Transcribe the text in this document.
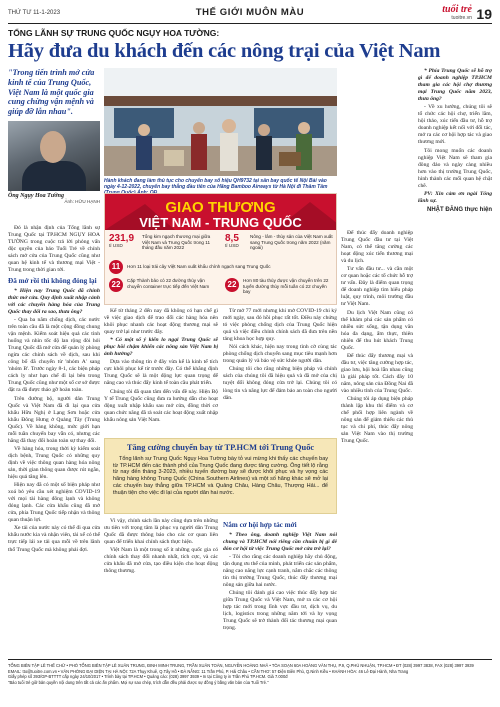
THỨ TƯ 11-1-2023	THẾ GIỚI MUÔN MÀU	tuổi trẻ
tuoitre.vn 19
TỔNG LÃNH SỰ TRUNG QUỐC NGỤY HOA TƯỜNG:
Hãy đưa du khách đến các nông trại của Việt Nam
"Trong tiến trình mở cửa kinh tế của Trung Quốc, Việt Nam là một quốc gia cung chừng vận mệnh và giúp đỡ lẫn nhau".
Ông Ngụy Hoa Tường
Ảnh: HỮU HẠNH

Đó là nhận định của Tổng lãnh sự Trung Quốc tại TP.HCM NGỤY HOA TƯỜNG trong cuộc trả lời phỏng vấn độc quyền của báo Tuổi Trẻ về chính sách mở cửa của Trung Quốc cũng như quan hệ kinh tế và thương mại Việt - Trung trong thời gian tới.

Đã mở rồi thì không đóng lại

* Hiện nay Trung Quốc đã chính thức mở cửa. Quy định xuất nhập cảnh với các chuyến hàng hóa của Trung Quốc thay đổi ra sao, thưa ông?

- Qua ba năm chống dịch, các nước trên toàn cầu đã là một cộng đồng chung vận mệnh. Kiểm soát hiệu quả các tình huống và nhìn tốc độ lan rộng đòi hỏi Trung Quốc đã mở cửa để quản lý phòng ngừa các chính sách về dịch, sau khi công bố đã chuyển từ 'nhóm A' sang 'nhóm B'. Trước ngày 8-1, các biện pháp cách ly như hạn chế đi lại bên trong Trung Quốc cũng như một số cơ sở được đặt ra đã được tháo gỡ hoàn toàn.

Trên đường bộ, người dân Trung Quốc và Việt Nam đã đi lại qua cửa khẩu Hữu Nghị ở Lạng Sơn hoặc cửa khẩu Đông Hưng ở Quảng Tây (Trung Quốc). Về hàng không, mức giới hạn mỗi tuần chuyến bay vẫn có, nhưng các hãng đã thay đổi hoàn toàn sự thay đổi.

Về hàng hóa, trong thời kỳ kiểm soát dịch bệnh, Trung Quốc có những quy định về việc thông quan hàng hóa nông sản, thời gian thông quan được rút ngắn, hiệu quả tăng lên.

Hiện nay đã có một số biện pháp như xoá bỏ yêu cầu xét nghiệm COVID-19 với mọi tài hàng đông lạnh và không đóng lạnh. Các cửa khẩu cũng đã mở cửa, phía Trung Quốc tiếp nhận và thông quan thuận lợi.

Xe tải của nước này có thể đi qua cửa khẩu nước kia và nhận viên, tài xế có thể trực tiếp lái xe tải qua mỗi về trên lãnh thổ Trung Quốc mà không phải đợi.

Hành khách đang làm thủ tục cho chuyến bay số hiệu QH9732 tại sân bay quốc tế Nội Bài vào ngày 4-12-2022, chuyến bay thẳng đầu tiên của Hãng Bamboo Airways từ Hà Nội đi Thâm Tâm
GIAO THƯƠNG
VIỆT NAM - TRUNG QUỐC
231,9
tỉ USD
Tổng kim ngạch thương mại giữa Việt Nam và Trung Quốc trong 11 tháng đầu năm 2022
8,5
tỉ USD
Nông - lâm - thủy sản của Việt Nam xuất sang Trung Quốc trong năm 2022 (năm ngoái)
11	Hơn 11 loại trái cây Việt Nam xuất khẩu chính ngạch sang Trung Quốc
22	Cặp Thành bảo có 22 đường thủy vận chuyển container trực tiếp đến Việt Nam	22	Hơn 80 tàu thủy được vận chuyển trên 22 tuyến đường thủy mỗi tuần có 22 chuyến bay

Kể từ tháng 2 đến nay đã không có hạn chế gì về việc giao dịch để trao đổi các hàng hóa nên khôi phục nhanh các hoạt động thương mại sẽ quay trở lại như trước đây.

* Có một số ý kiến lo ngại Trung Quốc sẽ phục hồi chậm khiến các nông sản Việt Nam bị ảnh hưởng?

Dựa vào thông tin ở đây vừa kể là kinh tế tích cực khôi phục kể từ trước đây. Có thể khẳng định Trung Quốc sẽ là một động lực quan trọng để nâng cao và thúc đẩy kinh tế toàn cầu phát triển.

Chúng tôi đã quan tâm đến vấn đề này. Hiện Bộ Y tế Trung Quốc cũng đưa ra hướng dẫn cho hoạt động xuất nhập khẩu sau mở cửa, đồng thời cơ quan chức năng đã rà soát các hoạt động xuất nhập khẩu nông sản Việt Nam.

Từ mở 77 mới nhưng khi mở COVID-19 chi ký mới ngày, sau đó hồi phục rất tốt. Điều này chứng tỏ việc phòng chống dịch của Trung Quốc hiện quả và việc điều chỉnh chính sách đã đưa trên nền tảng khoa học hợp quy.

Nói cách khác, hiện nay trong tình cờ cùng tác phòng chống dịch chuyển sang mục tiêu mạnh hơn trong quản lý và bảo vệ sức khỏe người dân.

Chúng tôi cho rằng những biện pháp và chính sách của chúng tôi đã hiệu quả và đã mở của chị tuyệt đối không đóng cửa trở lại. Chúng tôi có lòng tin và năng lực để đảm bảo an toàn cho người dân.

Tăng cường chuyến bay từ TP.HCM tới Trung Quốc
Tổng lãnh sự Trung Quốc Ngụy Hoa Tường bày tỏ vui mừng khi thấy các chuyến bay từ TP.HCM đến các thành phố của Trung Quốc đang được tăng cường. Ông tiết lộ rằng từ nay đến tháng 3-2023, nhiều tuyến đường bay sẽ được khôi phục và hy vọng các hãng hàng không Trung Quốc (China Southern Airlines) và một số hãng khác sẽ mở lại các chuyến bay thẳng giữa TP.HCM và Quảng Châu, Hàng Châu, Thượng Hải... để thuận tiện cho việc đi lại của người dân hai nước.

Vì vậy, chính sách lần này cũng dựa trên những ưu tiên với trọng tâm là phục vụ người dân Trung Quốc đã được thông báo cho các cơ quan liên quan để triển khai chính sách thực hiện.

Việt Nam là một trong số ít những quốc gia có chính sách thay đổi nhanh nhất, tích cực, và các cửa khẩu đã mở cửa, tạo điều kiện cho hoạt động thông thương.

Nắm cơ hội hợp tác mới

* Theo ông, doanh nghiệp Việt Nam nói chung và TP.HCM nói riêng cần chuẩn bị gì để đón cơ hội từ việc Trung Quốc mở cửa trở lại?

- Tôi cho rằng các doanh nghiệp hãy chủ động, tận dụng ưu thế của mình, phát triển các sản phẩm, nâng cao năng lực cạnh tranh, nắm chắc các thông tin thị trường Trung Quốc, thúc đẩy thương mại nông sản giữa hai nước.

Chúng tôi đánh giá cao việc thúc đẩy hợp tác giữa Trung Quốc và Việt Nam, mở ra các cơ hội hợp tác mới trong lĩnh vực đầu tư, dịch vụ, du lịch, logistics trong những năm tới và hy vọng Trung Quốc sẽ trở thành đối tác thương mại quan trọng.

Để thúc đẩy doanh nghiệp Trung Quốc đầu tư tại Việt Nam, có thể tăng cường các hoạt động xúc tiến thương mại và du lịch.

Tư vấn đầu tư... và cần một cơ quan hoặc các tổ chức hỗ trợ tư vấn. Đây là điểm quan trọng để doanh nghiệp tìm hiểu pháp luật, quy trình, môi trường đầu tư Việt Nam.

Du lịch Việt Nam cũng có thể khám phá các sản phẩm có nhiều sức sống, tận dụng văn hóa đa dạng, ẩm thực, thiên nhiên để thu hút khách Trung Quốc.

Để thúc đẩy thương mại và đầu tư, việc tăng cường hợp tác, giao lưu, hội hoà lẫn nhau cũng là giải pháp tốt. Cách đây 10 năm, nông sản của Đồng Nai đã vào nhiều tỉnh của Trung Quốc.

Chúng tôi áp dụng biện pháp thành lập khu thí điểm và cơ chế phối hợp liên ngành về nông sản để giảm thiểu các thủ tục và chi phí, thúc đẩy nông sản Việt Nam vào thị trường Trung Quốc.

* Phía Trung Quốc sẽ hỗ trợ gì để doanh nghiệp TP.HCM tham gia các hội chợ thương mại Trung Quốc năm 2023, thưa ông?

- Về xu hướng, chúng tôi sẽ tổ chức các hội chợ, triển lãm, hội thảo, xúc tiến đầu tư, hỗ trợ doanh nghiệp kết nối với đối tác, mở ra các cơ hội hợp tác và giao thương mới.

Tôi mong muốn các doanh nghiệp Việt Nam sẽ tham gia đông đảo và ngày càng nhiều hơn vào thị trường Trung Quốc, hình thành các mối quan hệ chặt chẽ.

PV: Xin cảm ơn ngài Tổng lãnh sự.

NHẬT ĐĂNG thực hiện

TỔNG BIÊN TẬP LÊ THẾ CHỮ • PHÓ TỔNG BIÊN TẬP LÊ XUÂN TRUNG, ĐINH MINH TRUNG, TRẦN XUÂN TOÀN, NGUYỄN HOÀNG NHÃ • TÒA SOẠN 60A HOÀNG VĂN THỤ, P.9, Q.PHÚ NHUẬN, TP.HCM • ĐT (028) 3997 3838, FAX (028) 3997 3939
EMAIL: tto@tuoitre.com.vn • VĂN PHÒNG ĐẠI DIỆN TẠI HÀ NỘI: 72A Thụy Khuê, Q.Tây Hồ • ĐÀ NẴNG: 11 Trần Phú, P. Hải Châu • CẦN THƠ: 57 Điện Biên Phủ, Q.Ninh Kiều • KHÁNH HÒA: 46 Lê Đại Hành, Nha Trang
Giấy phép số 393/GP-BTTTT cấp ngày 24/10/2017 • Trình bày tại TP.HCM • Quảng cáo: (028) 3997 3939 • In tại Công ty in Trần Phú TP.HCM. Giá 7.000đ
"Báo tuổi trẻ giữ bản quyền nội dung trên tất cả các ấn phẩm. Mọi sự sao chép, trích dẫn đều phải được sự đồng ý bằng văn bản của Tuổi Trẻ."
